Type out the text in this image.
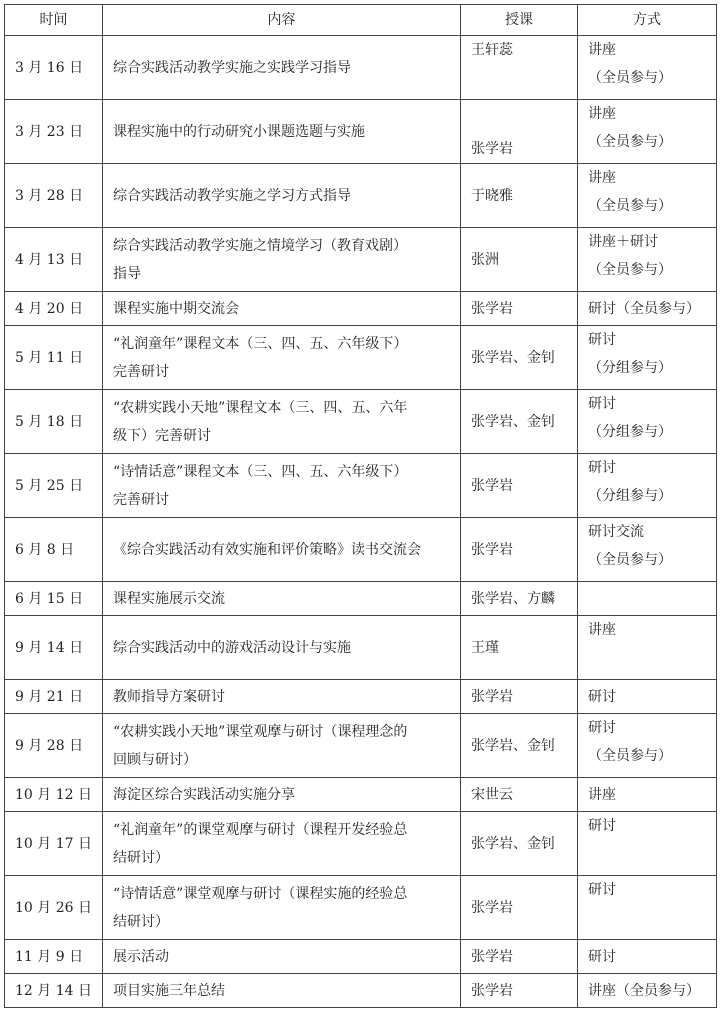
时间	内容	授课	方式
3 月 16 日	综合实践活动教学实施之实践学习指导	王轩蕊	讲座
（全员参与）

3 月 23 日	课程实施中的行动研究小课题选题与实施	张学岩	讲座
（全员参与）

3 月 28 日	综合实践活动教学实施之学习方式指导	于晓雅	讲座
（全员参与）

4 月 13 日	综合实践活动教学实施之情境学习（教育戏剧）
指导	张洲	讲座＋研讨
（全员参与）

4 月 20 日	课程实施中期交流会	张学岩	研讨（全员参与）

5 月 11 日	“礼润童年”课程文本（三、四、五、六年级下）
完善研讨	张学岩、金钊	研讨
（分组参与）

5 月 18 日	“农耕实践小天地”课程文本（三、四、五、六年
级下）完善研讨	张学岩、金钊	研讨
（分组参与）

5 月 25 日	“诗情话意”课程文本（三、四、五、六年级下）
完善研讨	张学岩	研讨
（分组参与）

6 月 8 日	《综合实践活动有效实施和评价策略》读书交流会	张学岩	研讨交流
（全员参与）

6 月 15 日	课程实施展示交流	张学岩、方麟	

9 月 14 日	综合实践活动中的游戏活动设计与实施	王瑾	讲座

9 月 21 日	教师指导方案研讨	张学岩	研讨

9 月 28 日	“农耕实践小天地”课堂观摩与研讨（课程理念的
回顾与研讨）	张学岩、金钊	研讨
（全员参与）

10 月 12 日	海淀区综合实践活动实施分享	宋世云	讲座

10 月 17 日	“礼润童年”的课堂观摩与研讨（课程开发经验总
结研讨）	张学岩、金钊	研讨

10 月 26 日	“诗情话意”课堂观摩与研讨（课程实施的经验总
结研讨）	张学岩	研讨

11 月 9 日	展示活动	张学岩	研讨

12 月 14 日	项目实施三年总结	张学岩	讲座（全员参与）
